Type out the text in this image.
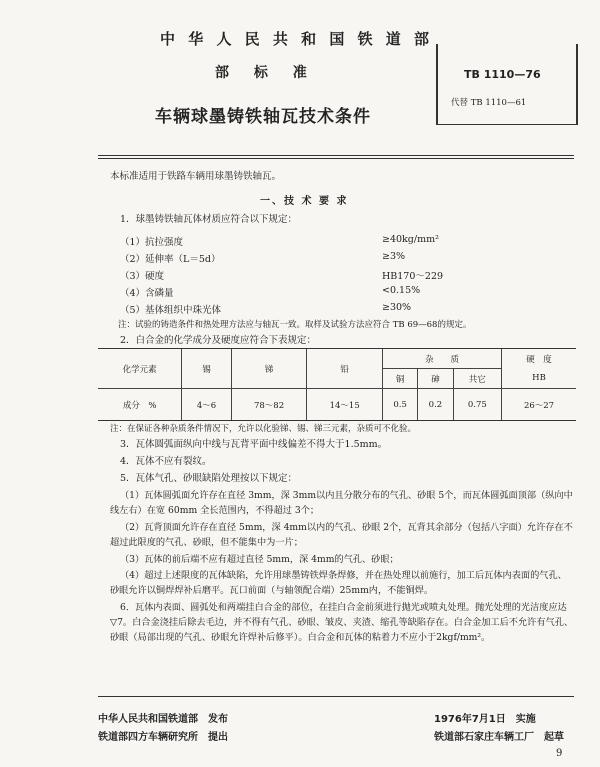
中 华 人 民 共 和 国 铁 道 部
部 标 准
车辆球墨铸铁轴瓦技术条件
TB 1110—76
代替 TB 1110—61
本标准适用于铁路车辆用球墨铸铁轴瓦。
一、技 术 要 求
1．球墨铸铁轴瓦体材质应符合以下规定：
（1）抗拉强度	≥40kg/mm²
（2）延伸率（L＝5d）	≥3%
（3）硬度	HB170～229
（4）含磷量	<0.15%
（5）基体组织中珠光体	≥30%
注：试验的铸造条件和热处理方法应与轴瓦一致。取样及试验方法应符合 TB 69—68的规定。
2．白合金的化学成分及硬度应符合下表规定：
化学元素	锡	锑	铅	杂　　质			硬　度
				铜	砷	共它	HB
成分　%	4～6	78～82	14～15	0.5	0.2	0.75	26～27
注：在保证各种杂质条件情况下，允许以化验锑、锡、锑三元素，杂质可不化验。
3．瓦体圆弧面纵向中线与瓦背平面中线偏差不得大于1.5mm。
4．瓦体不应有裂纹。
5．瓦体气孔、砂眼缺陷处理按以下规定：
（1）瓦体圆弧面允许存在直径 3mm，深 3mm以内且分散分布的气孔、砂眼 5个，而瓦体圆弧面顶部（纵向中线左右）在宽 60mm 全长范围内，不得超过 3个；
（2）瓦背顶面允许存在直径 5mm，深 4mm以内的气孔、砂眼 2个，瓦背其余部分（包括八字面）允许存在不超过此限度的气孔、砂眼，但不能集中为一片；
（3）瓦体的前后端不应有超过直径 5mm，深 4mm的气孔、砂眼；
（4）超过上述限度的瓦体缺陷，允许用球墨铸铁焊条焊修，并在热处理以前施行，加工后瓦体内表面的气孔、砂眼允许以铜焊焊补后磨平。瓦口前面（与轴领配合端）25mm内，不能铜焊。
6．瓦体内表面、圆弧处和两端挂白合金的部位，在挂白合金前须进行抛光或喷丸处理。抛光处理的光洁度应达▽7。白合金浇挂后除去毛边，并不得有气孔、砂眼、皱皮、夹渣、缩孔等缺陷存在。白合金加工后不允许有气孔、砂眼（局部出现的气孔、砂眼允许焊补后修平）。白合金和瓦体的粘着力不应小于2kgf/mm²。
中华人民共和国铁道部　发布
铁道部四方车辆研究所　提出
1976年7月1日　实施
铁道部石家庄车辆工厂　起草
9
